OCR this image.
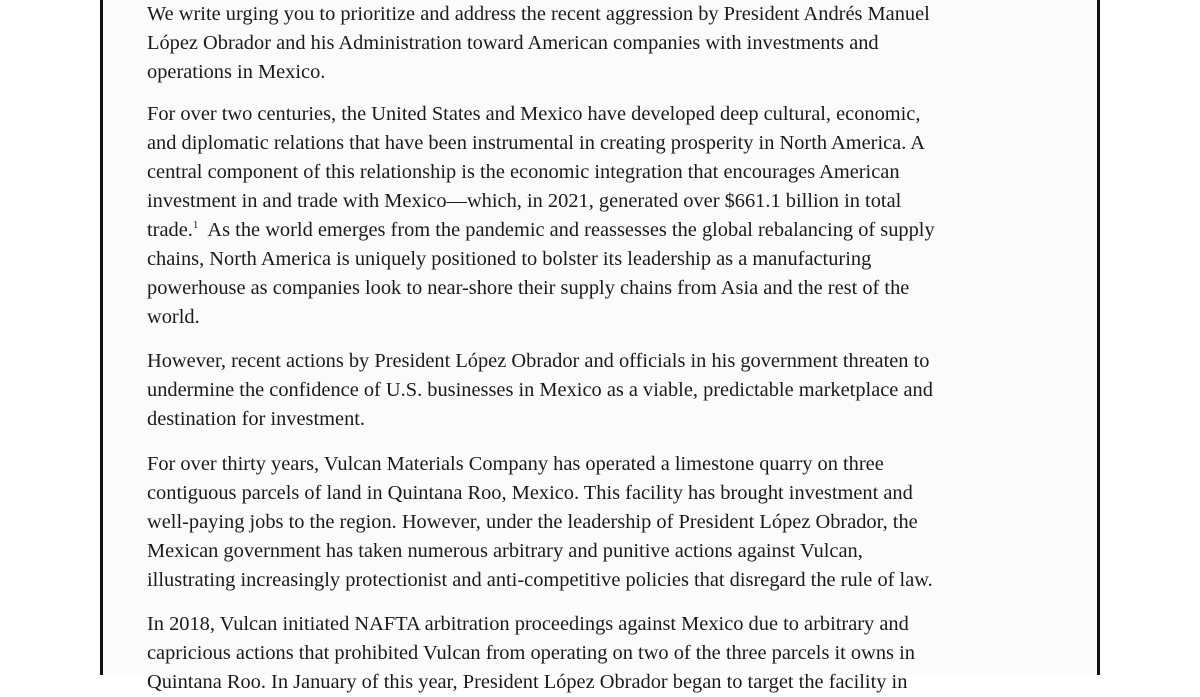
We write urging you to prioritize and address the recent aggression by President Andrés Manuel
López Obrador and his Administration toward American companies with investments and
operations in Mexico.

For over two centuries, the United States and Mexico have developed deep cultural, economic,
and diplomatic relations that have been instrumental in creating prosperity in North America. A
central component of this relationship is the economic integration that encourages American
investment in and trade with Mexico—which, in 2021, generated over $661.1 billion in total
trade.$^1$  As the world emerges from the pandemic and reassesses the global rebalancing of supply
chains, North America is uniquely positioned to bolster its leadership as a manufacturing
powerhouse as companies look to near-shore their supply chains from Asia and the rest of the
world.

However, recent actions by President López Obrador and officials in his government threaten to
undermine the confidence of U.S. businesses in Mexico as a viable, predictable marketplace and
destination for investment.

For over thirty years, Vulcan Materials Company has operated a limestone quarry on three
contiguous parcels of land in Quintana Roo, Mexico. This facility has brought investment and
well-paying jobs to the region. However, under the leadership of President López Obrador, the
Mexican government has taken numerous arbitrary and punitive actions against Vulcan,
illustrating increasingly protectionist and anti-competitive policies that disregard the rule of law.

In 2018, Vulcan initiated NAFTA arbitration proceedings against Mexico due to arbitrary and
capricious actions that prohibited Vulcan from operating on two of the three parcels it owns in
Quintana Roo. In January of this year, President López Obrador began to target the facility in
